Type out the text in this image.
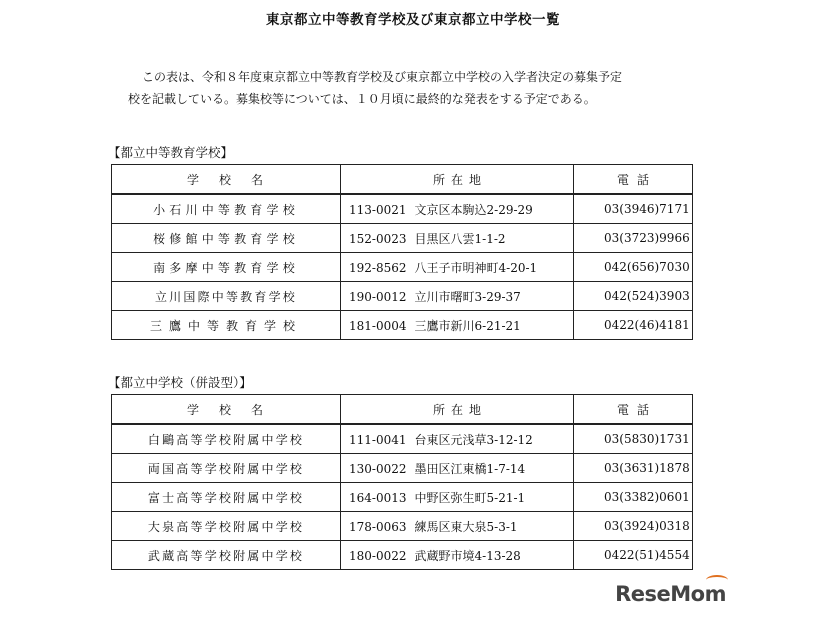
東京都立中等教育学校及び東京都立中学校一覧

この表は、令和８年度東京都立中等教育学校及び東京都立中学校の入学者決定の募集予定

校を記載している。募集校等については、１０月頃に最終的な発表をする予定である。

【都立中等教育学校】
学校名	所在地	電話
小石川中等教育学校	113-0021 文京区本駒込2-29-29	03(3946)7171
桜修館中等教育学校	152-0023 目黒区八雲1-1-2	03(3723)9966
南多摩中等教育学校	192-8562 八王子市明神町4-20-1	042(656)7030
立川国際中等教育学校	190-0012 立川市曙町3-29-37	042(524)3903
三鷹中等教育学校	181-0004 三鷹市新川6-21-21	0422(46)4181
【都立中学校（併設型）】
学校名	所在地	電話
白鷗高等学校附属中学校	111-0041 台東区元浅草3-12-12	03(5830)1731
両国高等学校附属中学校	130-0022 墨田区江東橋1-7-14	03(3631)1878
富士高等学校附属中学校	164-0013 中野区弥生町5-21-1	03(3382)0601
大泉高等学校附属中学校	178-0063 練馬区東大泉5-3-1	03(3924)0318
武蔵高等学校附属中学校	180-0022 武蔵野市境4-13-28	0422(51)4554
Rese
Mom
